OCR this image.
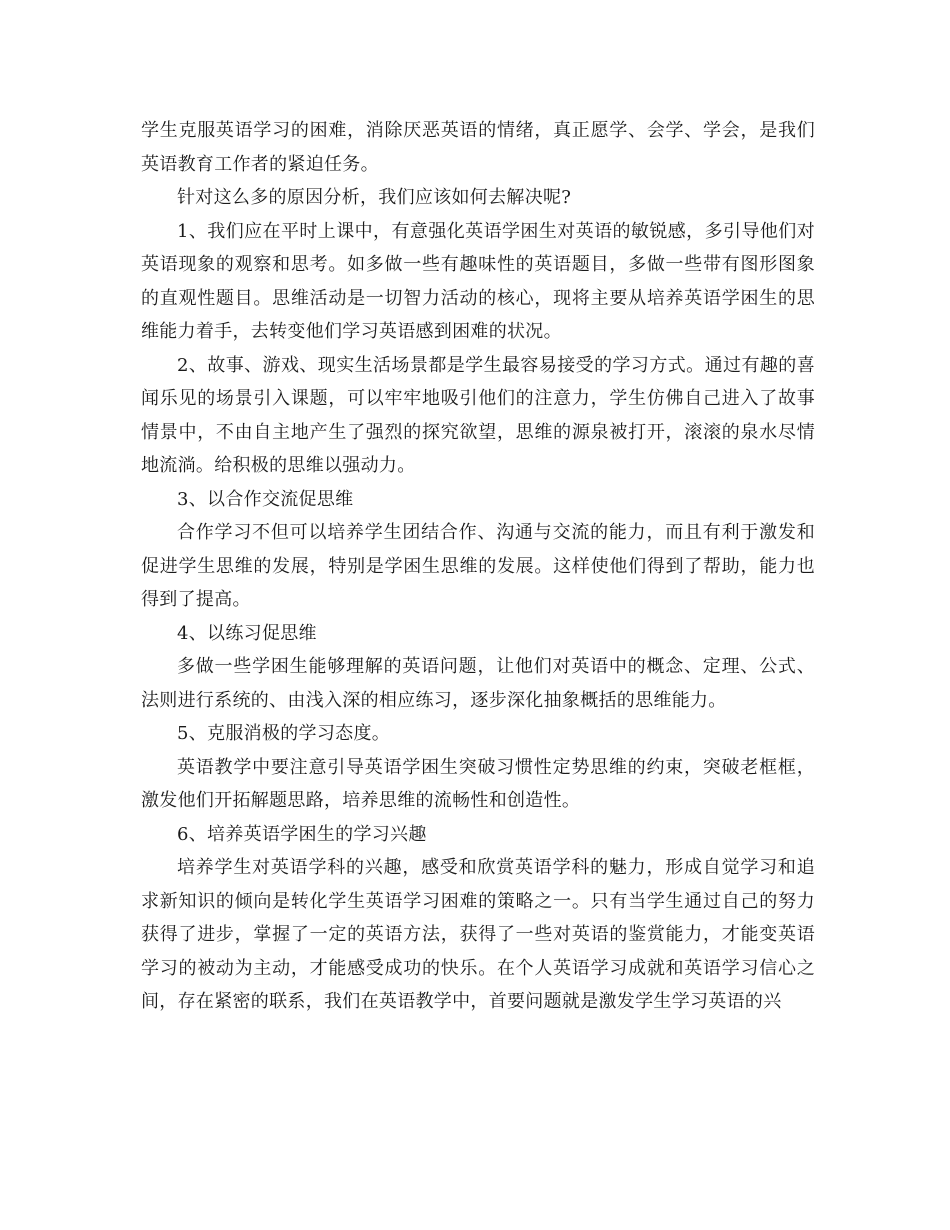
学生克服英语学习的困难，消除厌恶英语的情绪，真正愿学、会学、学会，是我们英语教育工作者的紧迫任务。

针对这么多的原因分析，我们应该如何去解决呢?

1、我们应在平时上课中，有意强化英语学困生对英语的敏锐感，多引导他们对英语现象的观察和思考。如多做一些有趣味性的英语题目，多做一些带有图形图象的直观性题目。思维活动是一切智力活动的核心，现将主要从培养英语学困生的思维能力着手，去转变他们学习英语感到困难的状况。

2、故事、游戏、现实生活场景都是学生最容易接受的学习方式。通过有趣的喜闻乐见的场景引入课题，可以牢牢地吸引他们的注意力，学生仿佛自己进入了故事情景中，不由自主地产生了强烈的探究欲望，思维的源泉被打开，滚滚的泉水尽情地流淌。给积极的思维以强动力。

3、以合作交流促思维

合作学习不但可以培养学生团结合作、沟通与交流的能力，而且有利于激发和促进学生思维的发展，特别是学困生思维的发展。这样使他们得到了帮助，能力也得到了提高。

4、以练习促思维

多做一些学困生能够理解的英语问题，让他们对英语中的概念、定理、公式、法则进行系统的、由浅入深的相应练习，逐步深化抽象概括的思维能力。

5、克服消极的学习态度。

英语教学中要注意引导英语学困生突破习惯性定势思维的约束，突破老框框，激发他们开拓解题思路，培养思维的流畅性和创造性。

6、培养英语学困生的学习兴趣

培养学生对英语学科的兴趣，感受和欣赏英语学科的魅力，形成自觉学习和追求新知识的倾向是转化学生英语学习困难的策略之一。只有当学生通过自己的努力获得了进步，掌握了一定的英语方法，获得了一些对英语的鉴赏能力，才能变英语学习的被动为主动，才能感受成功的快乐。在个人英语学习成就和英语学习信心之间，存在紧密的联系，我们在英语教学中，首要问题就是激发学生学习英语的兴
